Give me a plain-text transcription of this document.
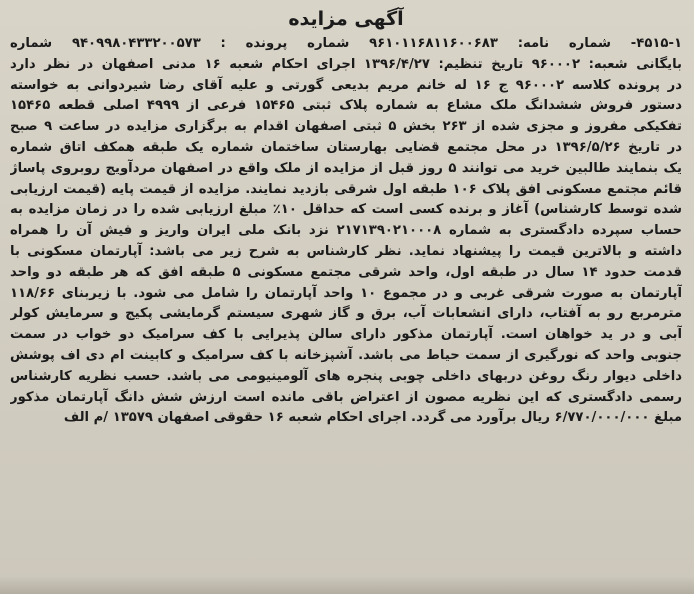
آگهی مزایده
۴۵۱۵-۱- شماره نامه: ۹۶۱۰۱۱۶۸۱۱۶۰۰۶۸۳ شماره پرونده : ۹۴۰۹۹۸۰۴۳۳۲۰۰۵۷۳ شماره
بایگانی شعبه: ۹۶۰۰۰۲ تاریخ تنظیم: ۱۳۹۶/۴/۲۷ اجرای احکام شعبه ۱۶ مدنی اصفهان در نظر دارد
در پرونده کلاسه ۹۶۰۰۰۲ ج ۱۶ له خانم مریم بدیعی گورتی و علیه آقای رضا شیردوانی به خواسته
دستور فروش ششدانگ ملک مشاع به شماره پلاک ثبتی ۱۵۴۶۵ فرعی از ۴۹۹۹ اصلی قطعه ۱۵۴۶۵
تفکیکی مفروز و مجزی شده از ۲۶۳ بخش ۵ ثبتی اصفهان اقدام به برگزاری مزایده در ساعت ۹ صبح
در تاریخ ۱۳۹۶/۵/۲۶ در محل مجتمع قضایی بهارستان ساختمان شماره یک طبقه همکف اتاق شماره
یک بنمایند طالبین خرید می توانند ۵ روز قبل از مزایده از ملک واقع در اصفهان مردآویج روبروی پاساژ
قائم مجتمع مسکونی افق پلاک ۱۰۶ طبقه اول شرقی بازدید نمایند. مزایده از قیمت پایه (قیمت ارزیابی
شده توسط کارشناس) آغاز و برنده کسی است که حداقل ۱۰٪ مبلغ ارزیابی شده را در زمان مزایده به
حساب سپرده دادگستری به شماره ۲۱۷۱۳۹۰۲۱۰۰۰۸ نزد بانک ملی ایران واریز و فیش آن را همراه
داشته و بالاترین قیمت را پیشنهاد نماید. نظر کارشناس به شرح زیر می باشد: آپارتمان مسکونی با
قدمت حدود ۱۴ سال در طبقه اول، واحد شرقی مجتمع مسکونی ۵ طبقه افق که هر طبقه دو واحد
آپارتمان به صورت شرقی غربی و در مجموع ۱۰ واحد آپارتمان را شامل می شود. با زیربنای ۱۱۸/۶۶
مترمربع رو به آفتاب، دارای انشعابات آب، برق و گاز شهری سیستم گرمایشی پکیج و سرمایش کولر
آبی و در ید خواهان است. آپارتمان مذکور دارای سالن پذیرایی با کف سرامیک دو خواب در سمت
جنوبی واحد که نورگیری از سمت حیاط می باشد. آشپزخانه با کف سرامیک و کابینت ام دی اف پوشش
داخلی دیوار رنگ روغن دربهای داخلی چوبی پنجره های آلومینیومی می باشد. حسب نظریه کارشناس
رسمی دادگستری که این نظریه مصون از اعتراض باقی مانده است ارزش شش دانگ آپارتمان مذکور
مبلغ ۶/۷۷۰/۰۰۰/۰۰۰ ریال برآورد می گردد. اجرای احکام شعبه ۱۶ حقوقی اصفهان ۱۳۵۷۹ /م الف
